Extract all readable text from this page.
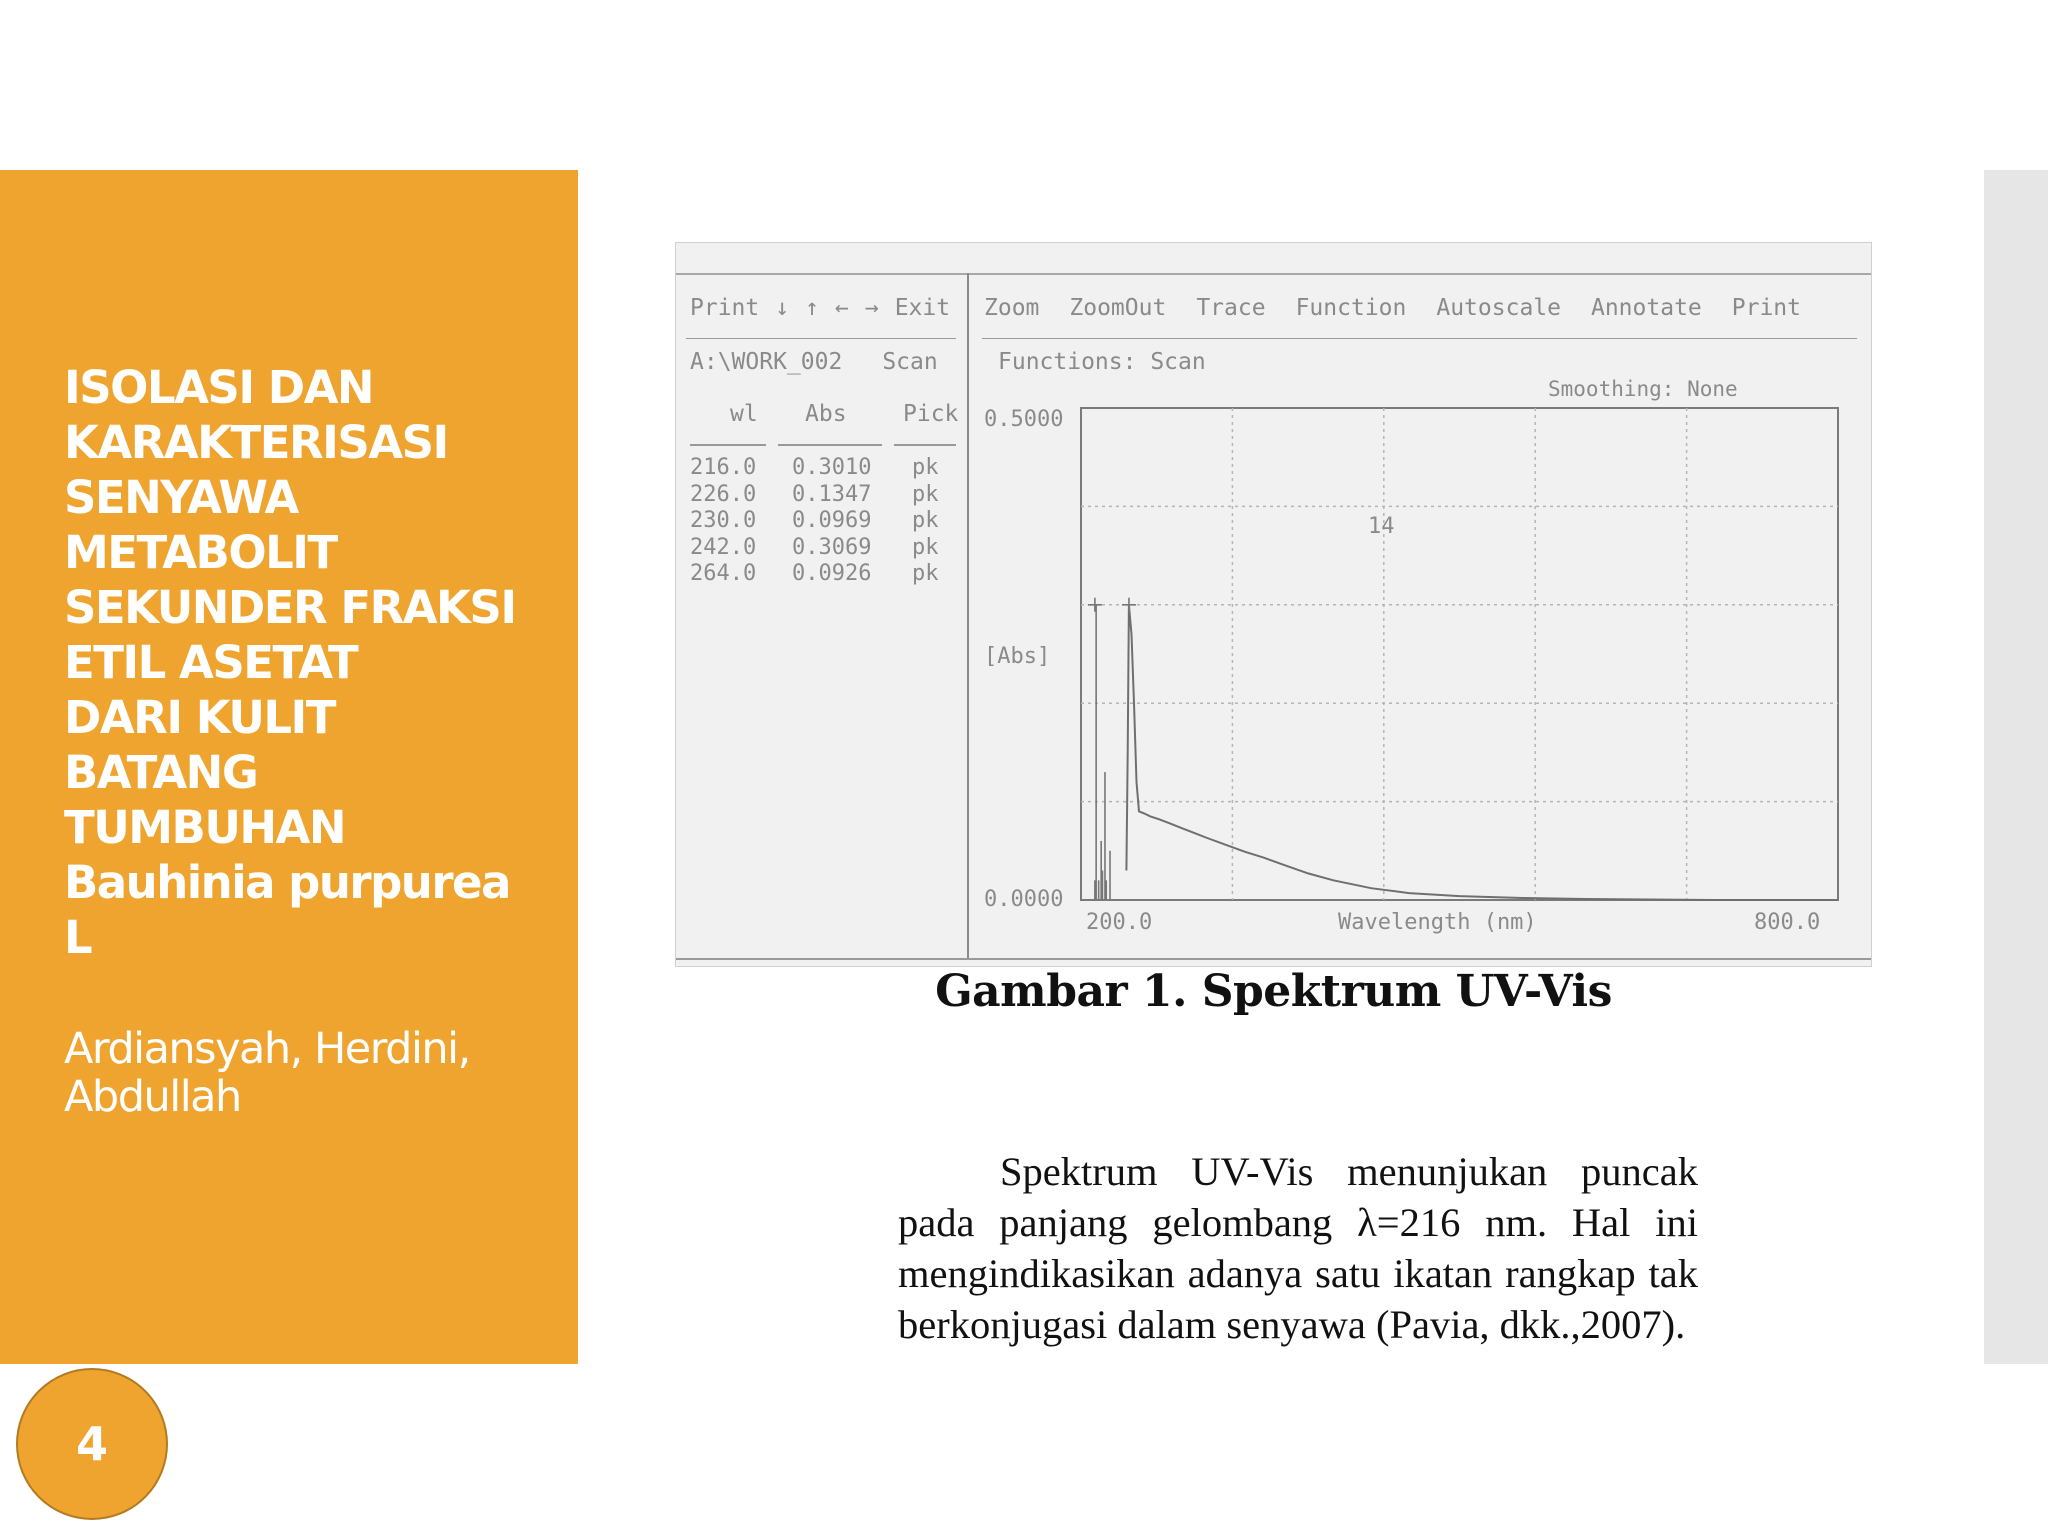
ISOLASI DAN
KARAKTERISASI
SENYAWA
METABOLIT
SEKUNDER FRAKSI
ETIL ASETAT
DARI KULIT
BATANG
TUMBUHAN
Bauhinia purpurea
L
Ardiansyah, Herdini,
Abdullah
4
Print ↓ ↑ ← → Exit Zoom ZoomOut Trace Function Autoscale Annotate Print
A:\WORK_002 Scan	Functions: Scan
Smoothing: None
wl Abs Pick
216.0 0.3010 pk
226.0 0.1347 pk
230.0 0.0969 pk
242.0 0.3069 pk
264.0 0.0926 pk
0.5000
0.0000
[Abs]
200.0	800.0
Wavelength (nm)
14
Gambar 1. Spektrum UV-Vis

Spektrum UV-Vis menunjukan puncak pada panjang gelombang λ=216 nm. Hal ini mengindikasikan adanya satu ikatan rangkap tak berkonjugasi dalam senyawa (Pavia, dkk.,2007).
